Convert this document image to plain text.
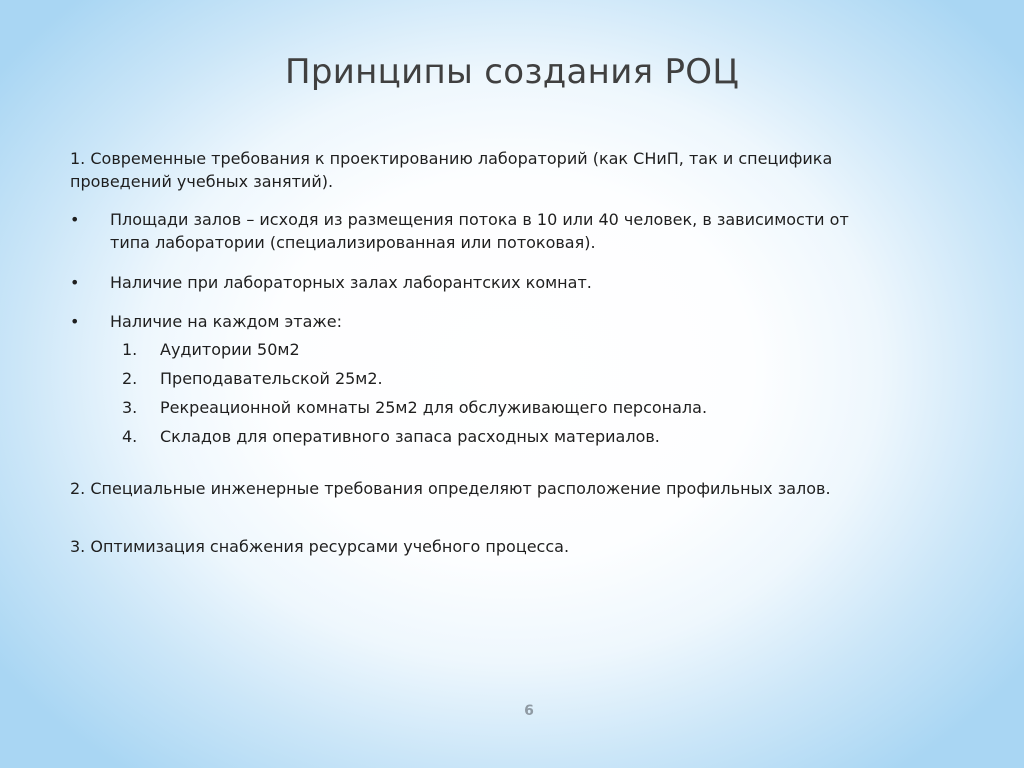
Принципы создания РОЦ

1. Современные требования к проектированию лабораторий (как СНиП, так и специфика проведений учебных занятий).

• Площади залов – исходя из размещения потока в 10 или 40 человек, в зависимости от типа лаборатории (специализированная или потоковая).
• Наличие при лабораторных залах лаборантских комнат.
• Наличие на каждом этаже:
1. Аудитории 50м2
2. Преподавательской 25м2.
3. Рекреационной комнаты 25м2 для обслуживающего персонала.
4. Складов для оперативного запаса расходных материалов.

2. Специальные инженерные требования определяют расположение профильных залов.

3. Оптимизация снабжения ресурсами учебного процесса.

6
